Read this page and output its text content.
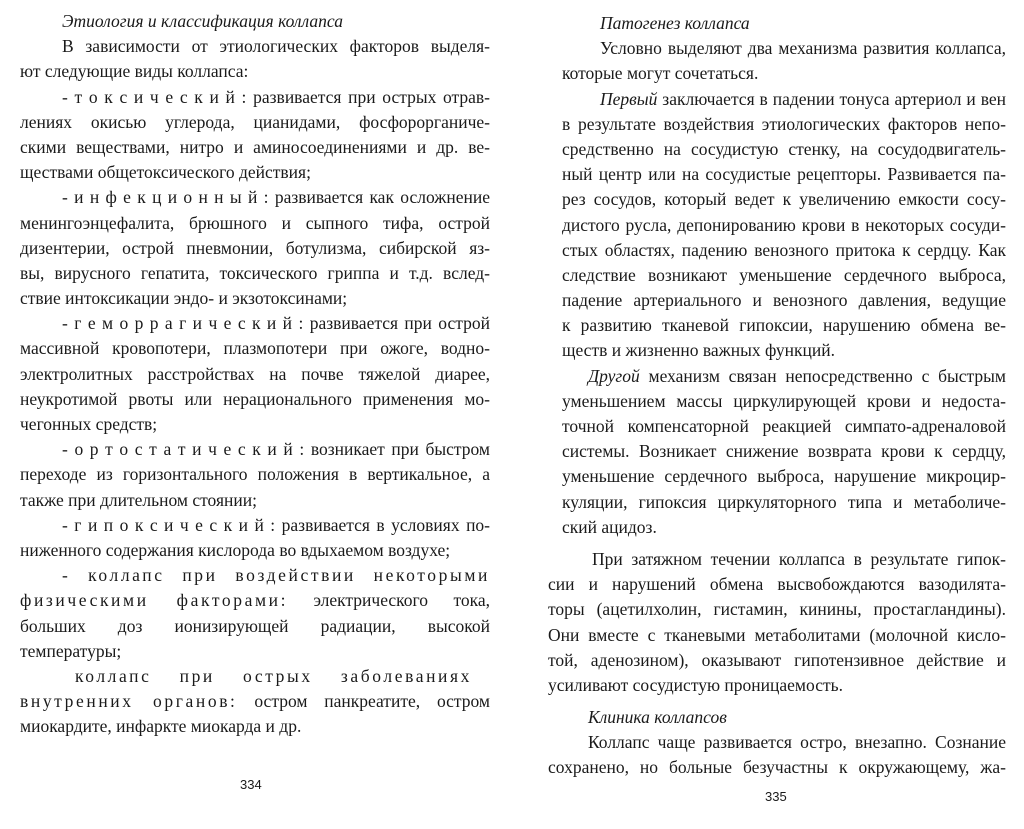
Этиология и классификация коллапса
В зависимости от этиологических факторов выделя-
ют следующие виды коллапса:
- т о к с и ч е с к и й : развивается при острых отрав-
лениях окисью углерода, цианидами, фосфорорганиче-
скими веществами, нитро и аминосоединениями и др. ве-
ществами общетоксического действия;
- и н ф е к ц и о н н ы й : развивается как осложнение
менингоэнцефалита, брюшного и сыпного тифа, острой
дизентерии, острой пневмонии, ботулизма, сибирской яз-
вы, вирусного гепатита, токсического гриппа и т.д. вслед-
ствие интоксикации эндо- и экзотоксинами;
- г е м о р р а г и ч е с к и й : развивается при острой
массивной кровопотери, плазмопотери при ожоге, водно-
электролитных расстройствах на почве тяжелой диарее,
неукротимой рвоты или нерационального применения мо-
чегонных средств;
- о р т о с т а т и ч е с к и й : возникает при быстром
переходе из горизонтального положения в вертикальное, а
также при длительном стоянии;
- г и п о к с и ч е с к и й : развивается в условиях по-
ниженного содержания кислорода во вдыхаемом воздухе;
- коллапс при воздействии некоторыми
физическими факторами: электрического тока,
больших доз ионизирующей радиации, высокой
температуры;
коллапс при острых заболеваниях
внутренних органов: остром панкреатите, остром
миокардите, инфаркте миокарда и др.
334
Патогенез коллапса
Условно выделяют два механизма развития коллапса,
которые могут сочетаться.
Первый заключается в падении тонуса артериол и вен
в результате воздействия этиологических факторов непо-
средственно на сосудистую стенку, на сосудодвигатель-
ный центр или на сосудистые рецепторы. Развивается па-
рез сосудов, который ведет к увеличению емкости сосу-
дистого русла, депонированию крови в некоторых сосуди-
стых областях, падению венозного притока к сердцу. Как
следствие возникают уменьшение сердечного выброса,
падение артериального и венозного давления, ведущие
к развитию тканевой гипоксии, нарушению обмена ве-
ществ и жизненно важных функций.
Другой механизм связан непосредственно с быстрым
уменьшением массы циркулирующей крови и недоста-
точной компенсаторной реакцией симпато-адреналовой
системы. Возникает снижение возврата крови к сердцу,
уменьшение сердечного выброса, нарушение микроцир-
куляции, гипоксия циркуляторного типа и метаболиче-
ский ацидоз.
При затяжном течении коллапса в результате гипок-
сии и нарушений обмена высвобождаются вазодилята-
торы (ацетилхолин, гистамин, кинины, простагландины).
Они вместе с тканевыми метаболитами (молочной кисло-
той, аденозином), оказывают гипотензивное действие и
усиливают сосудистую проницаемость.
Клиника коллапсов
Коллапс чаще развивается остро, внезапно. Сознание
сохранено, но больные безучастны к окружающему, жа-
335
